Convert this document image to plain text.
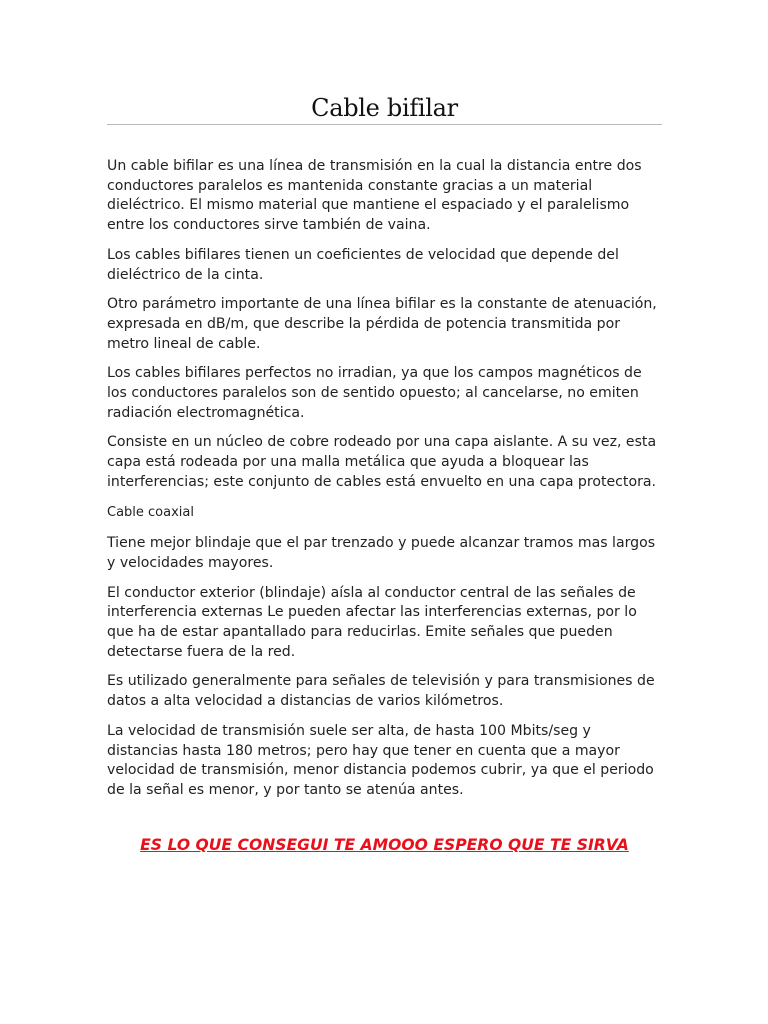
Cable bifilar

Un cable bifilar es una línea de transmisión en la cual la distancia entre dos conductores paralelos es mantenida constante gracias a un material dieléctrico. El mismo material que mantiene el espaciado y el paralelismo entre los conductores sirve también de vaina.

Los cables bifilares tienen un coeficientes de velocidad que depende del dieléctrico de la cinta.

Otro parámetro importante de una línea bifilar es la constante de atenuación, expresada en dB/m, que describe la pérdida de potencia transmitida por metro lineal de cable.

Los cables bifilares perfectos no irradian, ya que los campos magnéticos de los conductores paralelos son de sentido opuesto; al cancelarse, no emiten radiación electromagnética.

Consiste en un núcleo de cobre rodeado por una capa aislante. A su vez, esta capa está rodeada por una malla metálica que ayuda a bloquear las interferencias; este conjunto de cables está envuelto en una capa protectora.

Cable coaxial

Tiene mejor blindaje que el par trenzado y puede alcanzar tramos mas largos y velocidades mayores.

El conductor exterior (blindaje) aísla al conductor central de las señales de interferencia externas Le pueden afectar las interferencias externas, por lo que ha de estar apantallado para reducirlas. Emite señales que pueden detectarse fuera de la red.

Es utilizado generalmente para señales de televisión y para transmisiones de datos a alta velocidad a distancias de varios kilómetros.

La velocidad de transmisión suele ser alta, de hasta 100 Mbits/seg y distancias hasta 180 metros; pero hay que tener en cuenta que a mayor velocidad de transmisión, menor distancia podemos cubrir, ya que el periodo de la señal es menor, y por tanto se atenúa antes.

ES LO QUE CONSEGUI TE AMOOO ESPERO QUE TE SIRVA
